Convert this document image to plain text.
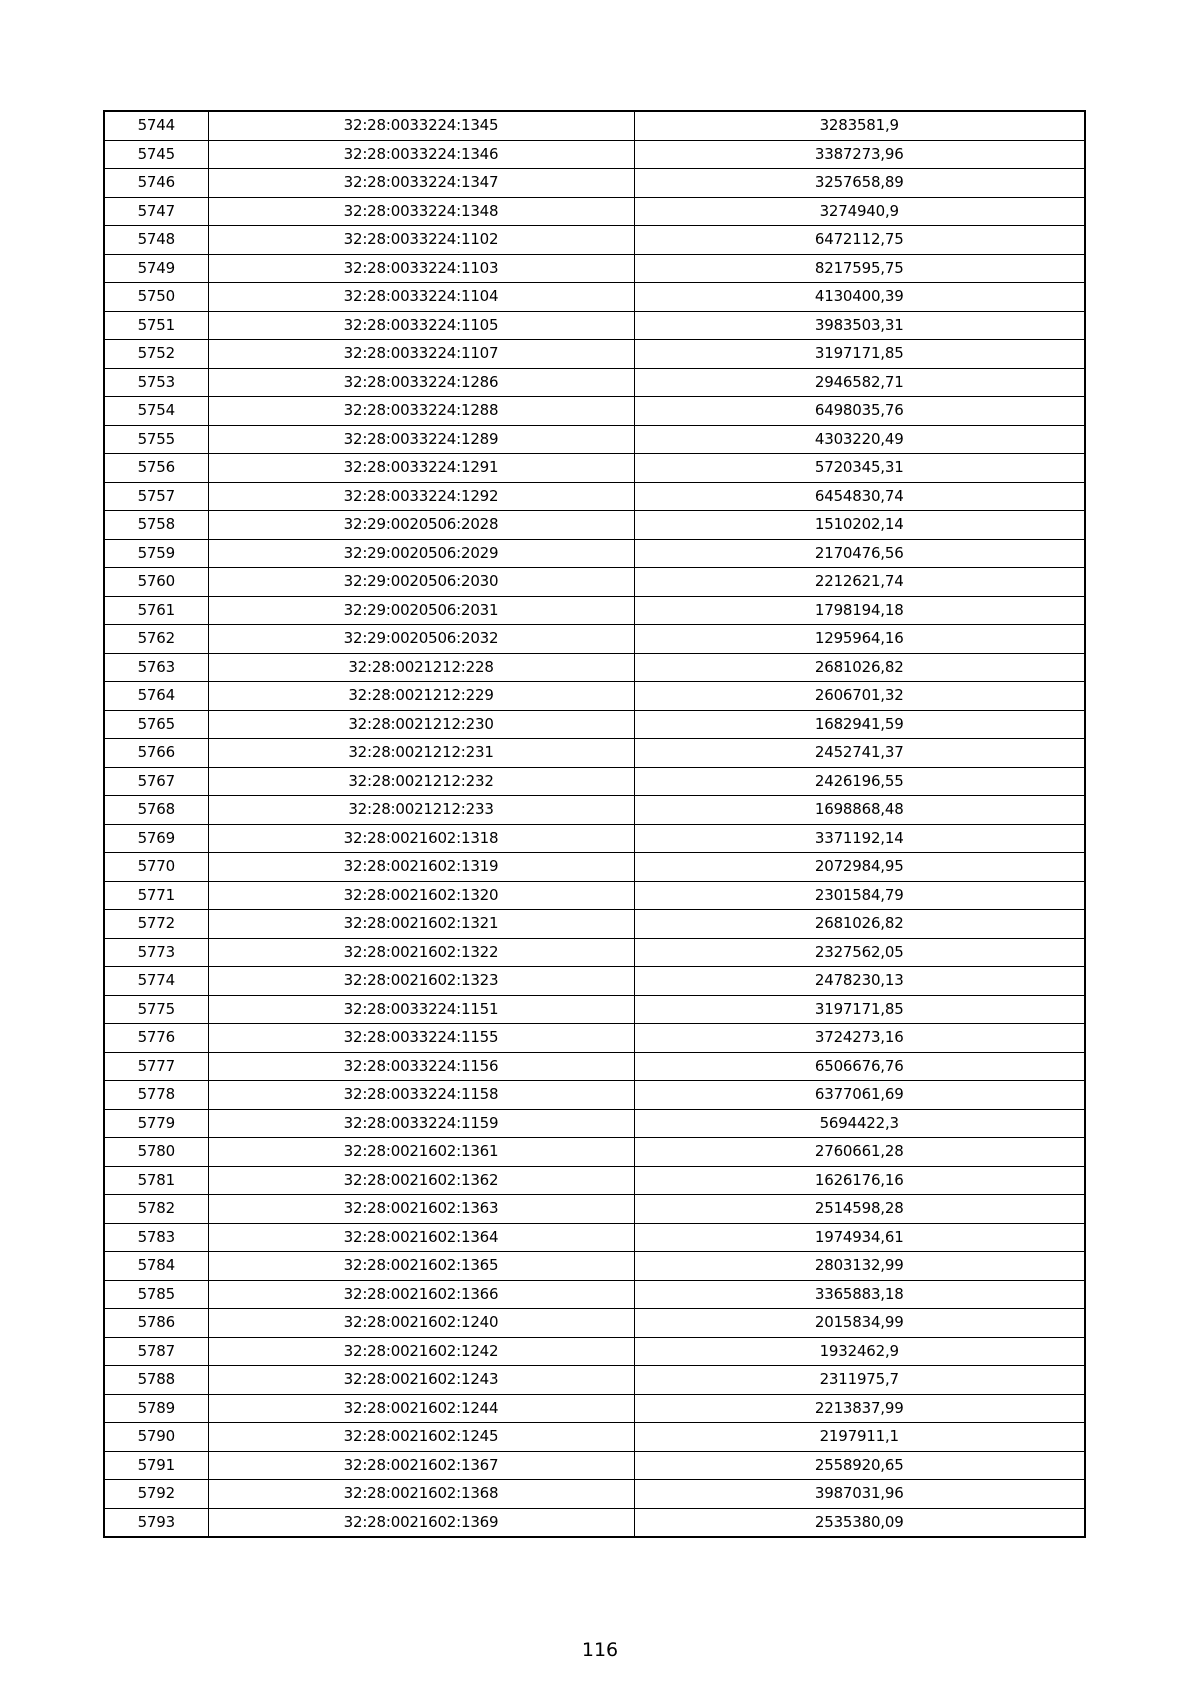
5744	32:28:0033224:1345	3283581,9
5745	32:28:0033224:1346	3387273,96
5746	32:28:0033224:1347	3257658,89
5747	32:28:0033224:1348	3274940,9
5748	32:28:0033224:1102	6472112,75
5749	32:28:0033224:1103	8217595,75
5750	32:28:0033224:1104	4130400,39
5751	32:28:0033224:1105	3983503,31
5752	32:28:0033224:1107	3197171,85
5753	32:28:0033224:1286	2946582,71
5754	32:28:0033224:1288	6498035,76
5755	32:28:0033224:1289	4303220,49
5756	32:28:0033224:1291	5720345,31
5757	32:28:0033224:1292	6454830,74
5758	32:29:0020506:2028	1510202,14
5759	32:29:0020506:2029	2170476,56
5760	32:29:0020506:2030	2212621,74
5761	32:29:0020506:2031	1798194,18
5762	32:29:0020506:2032	1295964,16
5763	32:28:0021212:228	2681026,82
5764	32:28:0021212:229	2606701,32
5765	32:28:0021212:230	1682941,59
5766	32:28:0021212:231	2452741,37
5767	32:28:0021212:232	2426196,55
5768	32:28:0021212:233	1698868,48
5769	32:28:0021602:1318	3371192,14
5770	32:28:0021602:1319	2072984,95
5771	32:28:0021602:1320	2301584,79
5772	32:28:0021602:1321	2681026,82
5773	32:28:0021602:1322	2327562,05
5774	32:28:0021602:1323	2478230,13
5775	32:28:0033224:1151	3197171,85
5776	32:28:0033224:1155	3724273,16
5777	32:28:0033224:1156	6506676,76
5778	32:28:0033224:1158	6377061,69
5779	32:28:0033224:1159	5694422,3
5780	32:28:0021602:1361	2760661,28
5781	32:28:0021602:1362	1626176,16
5782	32:28:0021602:1363	2514598,28
5783	32:28:0021602:1364	1974934,61
5784	32:28:0021602:1365	2803132,99
5785	32:28:0021602:1366	3365883,18
5786	32:28:0021602:1240	2015834,99
5787	32:28:0021602:1242	1932462,9
5788	32:28:0021602:1243	2311975,7
5789	32:28:0021602:1244	2213837,99
5790	32:28:0021602:1245	2197911,1
5791	32:28:0021602:1367	2558920,65
5792	32:28:0021602:1368	3987031,96
5793	32:28:0021602:1369	2535380,09
116
